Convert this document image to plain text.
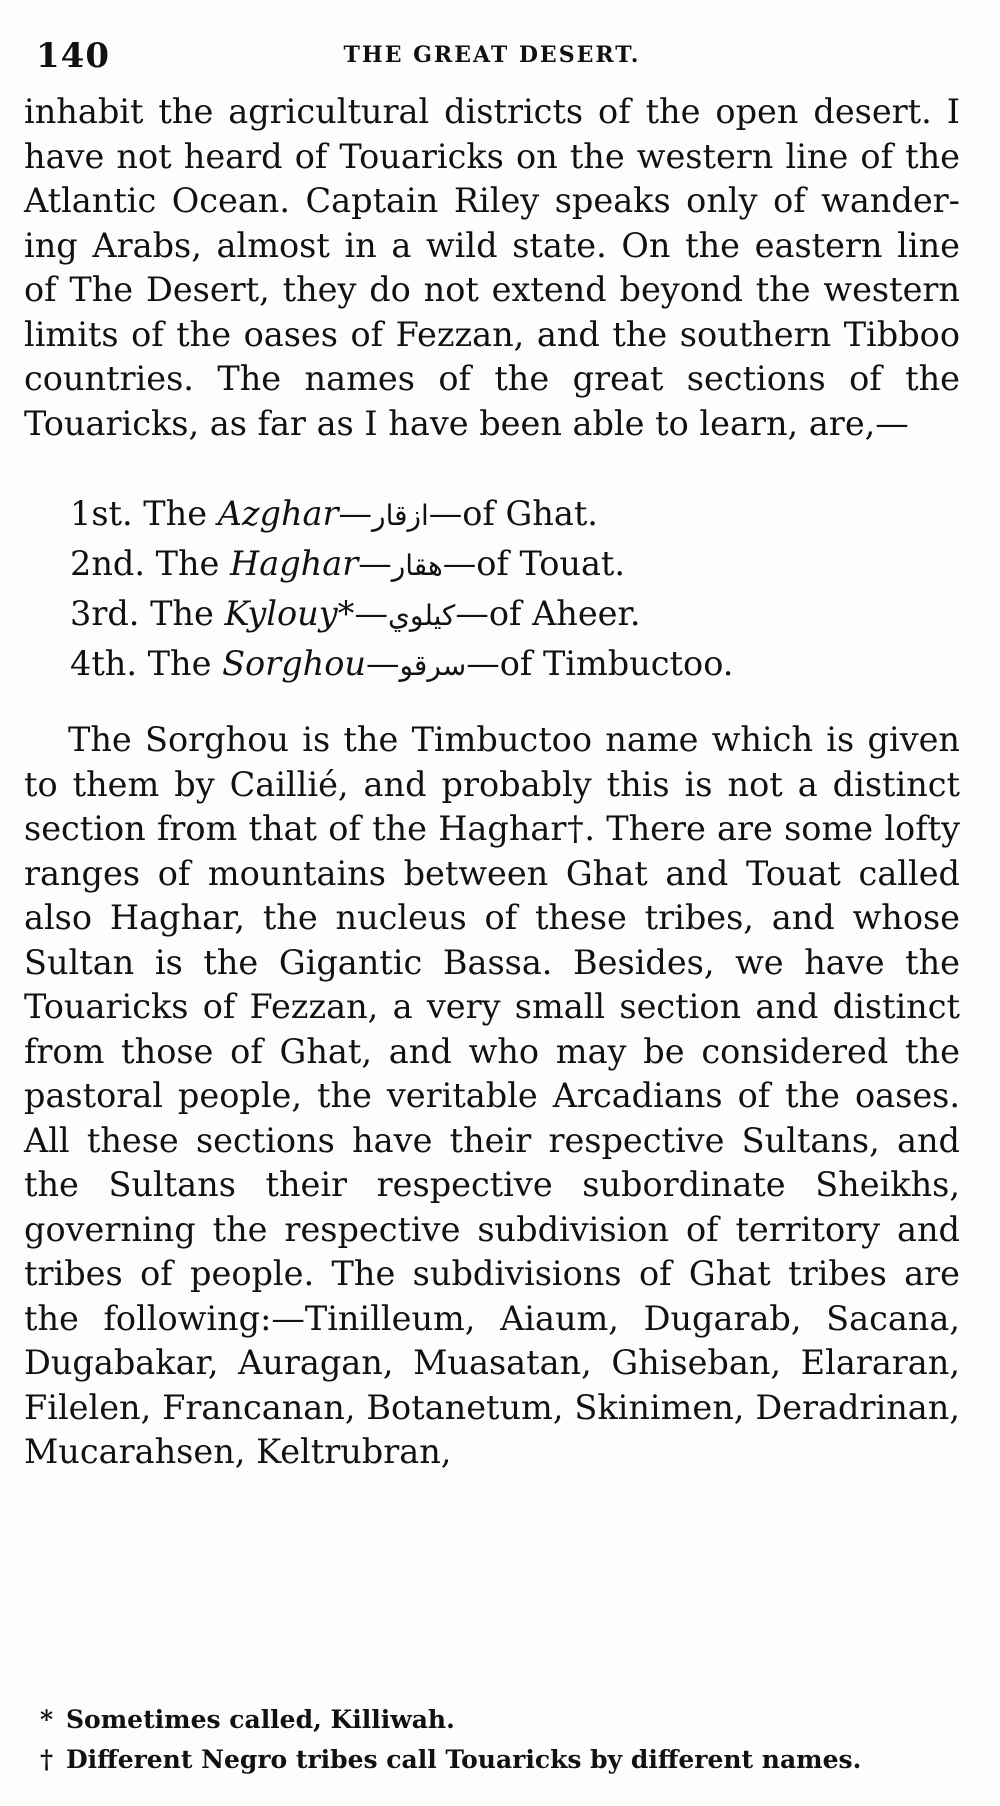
140	THE GREAT DESERT.

inhabit the agricultural districts of the open desert. I have not heard of Touaricks on the western line of the Atlantic Ocean. Captain Riley speaks only of wandering Arabs, almost in a wild state. On the eastern line of The Desert, they do not extend beyond the western limits of the oases of Fezzan, and the southern Tibboo countries. The names of the great sections of the Touaricks, as far as I have been able to learn, are,—

1st. The Azghar—ازقار—of Ghat.
2nd. The Haghar—هقار—of Touat.
3rd. The Kylouy*—كيلوي—of Aheer.
4th. The Sorghou—سرقو—of Timbuctoo.

The Sorghou is the Timbuctoo name which is given to them by Caillié, and probably this is not a distinct section from that of the Haghar†. There are some lofty ranges of mountains between Ghat and Touat called also Haghar, the nucleus of these tribes, and whose Sultan is the Gigantic Bassa. Besides, we have the Touaricks of Fezzan, a very small section and distinct from those of Ghat, and who may be considered the pastoral people, the veritable Arcadians of the oases. All these sections have their respective Sultans, and the Sultans their respective subordinate Sheikhs, governing the respective subdivision of territory and tribes of people. The subdivisions of Ghat tribes are the following:—Tinilleum, Aiaum, Dugarab, Sacana, Dugabakar, Auragan, Muasatan, Ghiseban, Elararan, Filelen, Francanan, Botanetum, Skinimen, Deradrinan, Mucarahsen, Keltrubran,

* Sometimes called, Killiwah.

† Different Negro tribes call Touaricks by different names.
